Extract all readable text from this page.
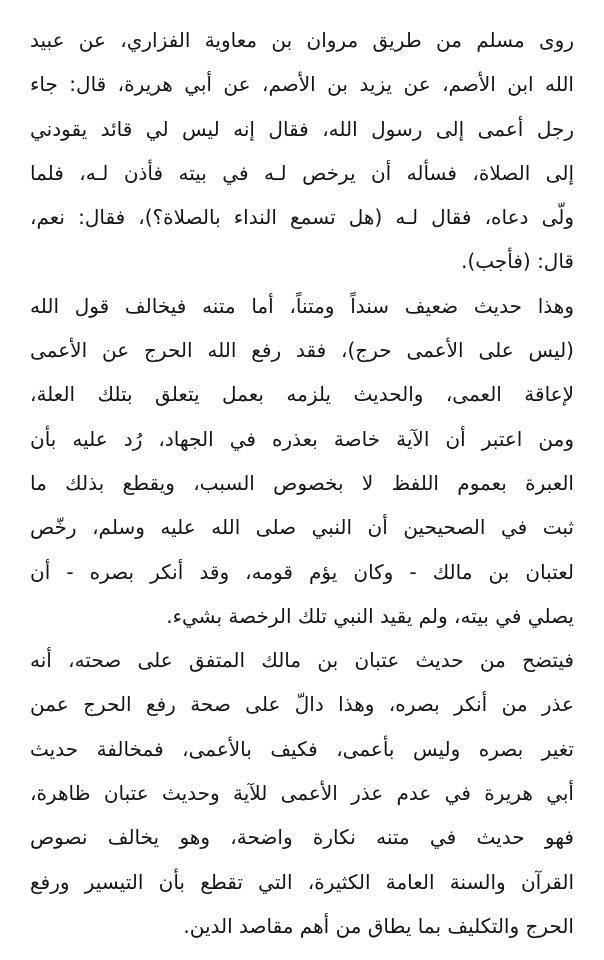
روى مسلم من طريق مروان بن معاوية الفزاري، عن عبيد
الله ابن الأصم، عن يزيد بن الأصم، عن أبي هريرة، قال: جاء
رجل أعمى إلى رسول الله، فقال إنه ليس لي قائد يقودني
إلى الصلاة، فسأله أن يرخص لـه في بيته فأذن لـه، فلما
ولّى دعاه، فقال لـه (هل تسمع النداء بالصلاة؟)، فقال: نعم،
قال: (فأجب).
وهذا حديث ضعيف سنداً ومتناً، أما متنه فيخالف قول الله
(ليس على الأعمى حرج)، فقد رفع الله الحرج عن الأعمى
لإعاقة العمى، والحديث يلزمه بعمل يتعلق بتلك العلة،
ومن اعتبر أن الآية خاصة بعذره في الجهاد، رُد عليه بأن
العبرة بعموم اللفظ لا بخصوص السبب، ويقطع بذلك ما
ثبت في الصحيحين أن النبي صلى الله عليه وسلم، رخّص
لعتبان بن مالك - وكان يؤم قومه، وقد أنكر بصره - أن
يصلي في بيته، ولم يقيد النبي تلك الرخصة بشيء.
فيتضح من حديث عتبان بن مالك المتفق على صحته، أنه
عذر من أنكر بصره، وهذا دالّ على صحة رفع الحرج عمن
تغير بصره وليس بأعمى، فكيف بالأعمى، فمخالفة حديث
أبي هريرة في عدم عذر الأعمى للآية وحديث عتبان ظاهرة،
فهو حديث في متنه نكارة واضحة، وهو يخالف نصوص
القرآن والسنة العامة الكثيرة، التي تقطع بأن التيسير ورفع
الحرج والتكليف بما يطاق من أهم مقاصد الدين.
